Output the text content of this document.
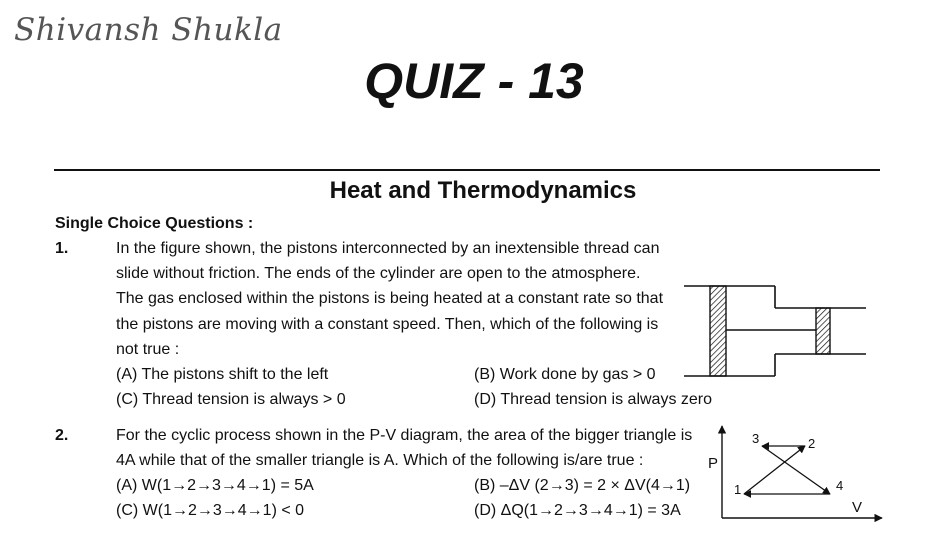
Shivansh Shukla
QUIZ - 13
Heat and Thermodynamics
Single Choice Questions :
1.	In the figure shown, the pistons interconnected by an inextensible thread can
slide without friction. The ends of the cylinder are open to the atmosphere.
The gas enclosed within the pistons is being heated at a constant rate so that
the pistons are moving with a constant speed. Then, which of the following is
not true :
(A) The pistons shift to the left	(B) Work done by gas > 0
(C) Thread tension is always > 0	(D) Thread tension is always zero
2.	For the cyclic process shown in the P-V diagram, the area of the bigger triangle is
4A while that of the smaller triangle is A. Which of the following is/are true :
(A) W(1→2→3→4→1) = 5A	(B) –ΔV (2→3) = 2 × ΔV(4→1)
(C) W(1→2→3→4→1) < 0	(D) ΔQ(1→2→3→4→1) = 3A
P
V
1
2
3
4
